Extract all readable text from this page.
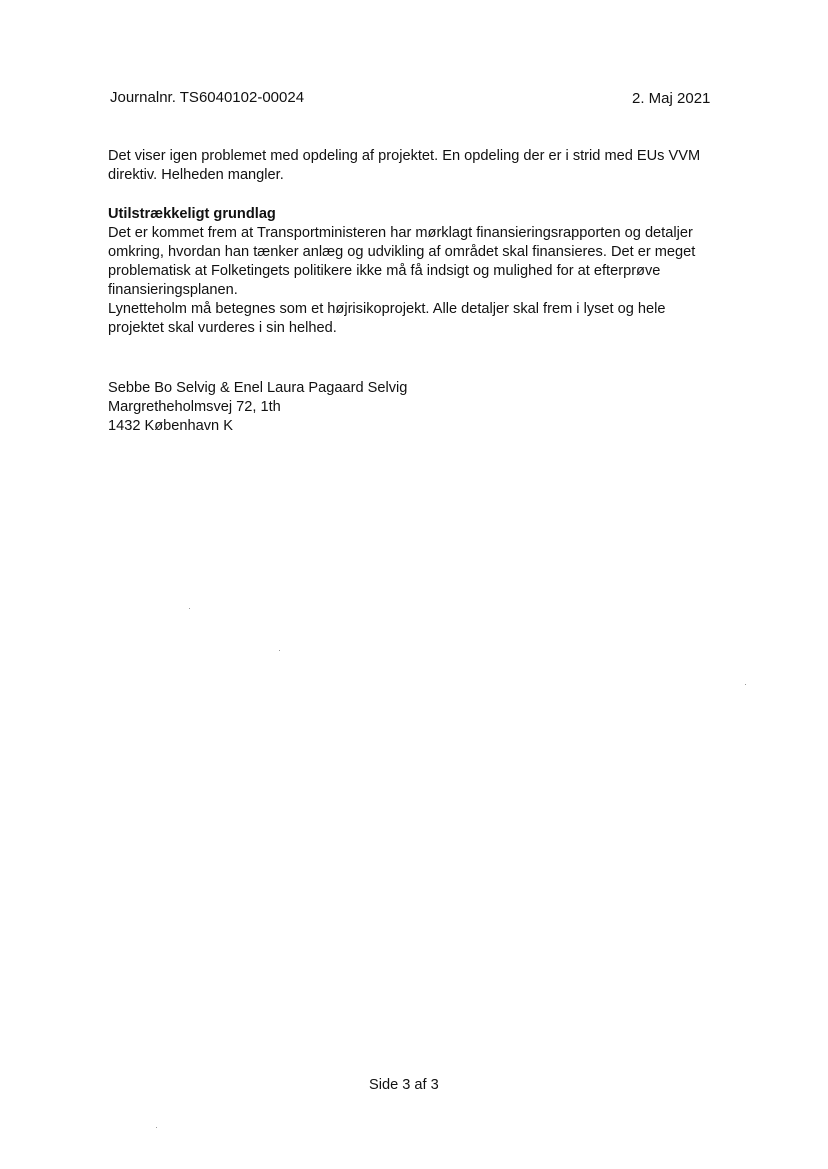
Journalnr. TS6040102-00024	2. Maj 2021

Det viser igen problemet med opdeling af projektet. En opdeling der er i strid med EUs VVM

direktiv. Helheden mangler.

Utilstrækkeligt grundlag

Det er kommet frem at Transportministeren har mørklagt finansieringsrapporten og detaljer

omkring, hvordan han tænker anlæg og udvikling af området skal finansieres. Det er meget

problematisk at Folketingets politikere ikke må få indsigt og mulighed for at efterprøve

finansieringsplanen.

Lynetteholm må betegnes som et højrisikoprojekt. Alle detaljer skal frem i lyset og hele

projektet skal vurderes i sin helhed.

Sebbe Bo Selvig & Enel Laura Pagaard Selvig

Margretheholmsvej 72, 1th

1432 København K

Side 3 af 3
